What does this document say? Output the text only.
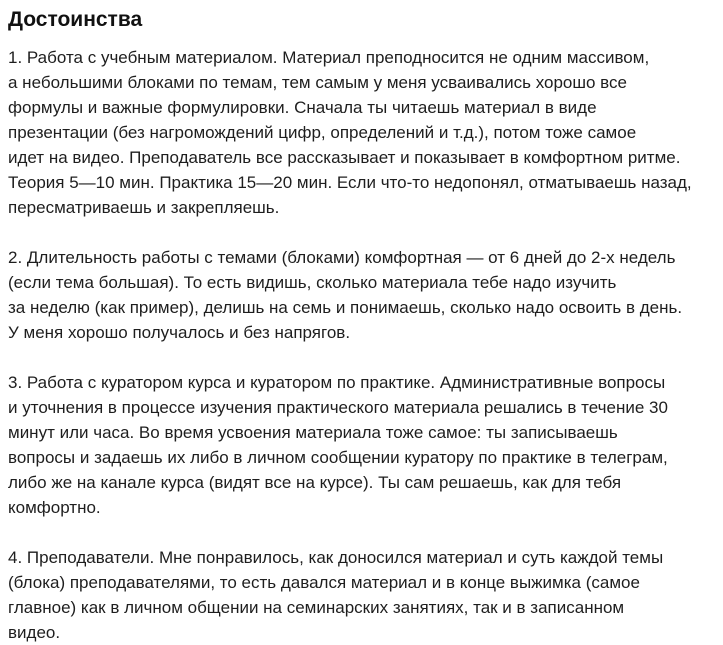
Достоинства

1. Работа с учебным материалом. Материал преподносится не одним массивом,
а небольшими блоками по темам, тем самым у меня усваивались хорошо все
формулы и важные формулировки. Сначала ты читаешь материал в виде
презентации (без нагромождений цифр, определений и т.д.), потом тоже самое
идет на видео. Преподаватель все рассказывает и показывает в комфортном ритме.
Теория 5—10 мин. Практика 15—20 мин. Если что-то недопонял, отматываешь назад,
пересматриваешь и закрепляешь.

2. Длительность работы с темами (блоками) комфортная — от 6 дней до 2-х недель
(если тема большая). То есть видишь, сколько материала тебе надо изучить
за неделю (как пример), делишь на семь и понимаешь, сколько надо освоить в день.
У меня хорошо получалось и без напрягов.

3. Работа с куратором курса и куратором по практике. Административные вопросы
и уточнения в процессе изучения практического материала решались в течение 30
минут или часа. Во время усвоения материала тоже самое: ты записываешь
вопросы и задаешь их либо в личном сообщении куратору по практике в телеграм,
либо же на канале курса (видят все на курсе). Ты сам решаешь, как для тебя
комфортно.

4. Преподаватели. Мне понравилось, как доносился материал и суть каждой темы
(блока) преподавателями, то есть давался материал и в конце выжимка (самое
главное) как в личном общении на семинарских занятиях, так и в записанном
видео.
